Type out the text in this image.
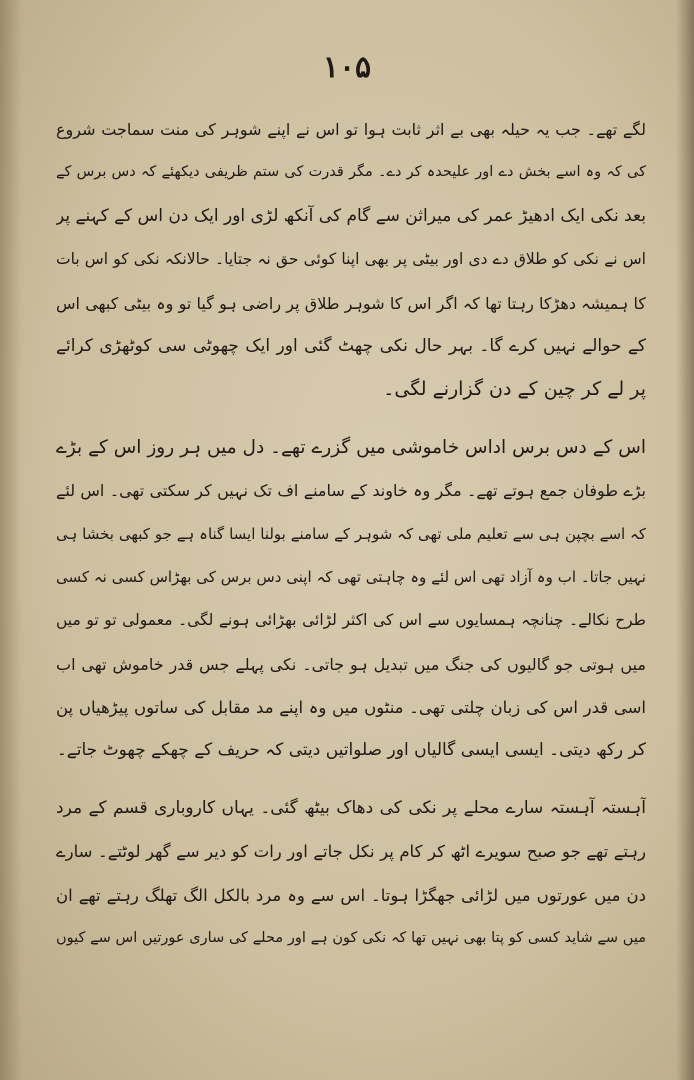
۱۰۵
لگے تھے۔ جب یہ حیلہ بھی بے اثر ثابت ہوا تو اس نے اپنے شوہر کی منت سماجت شروع
کی کہ وہ اسے بخش دے اور علیحدہ کر دے۔ مگر قدرت کی ستم ظریفی دیکھئے کہ دس برس کے
بعد نکی ایک ادھیڑ عمر کی میراثن سے گام کی آنکھ لڑی اور ایک دن اس کے کہنے پر
اس نے نکی کو طلاق دے دی اور بیٹی پر بھی اپنا کوئی حق نہ جتایا۔ حالانکہ نکی کو اس بات
کا ہمیشہ دھڑکا رہتا تھا کہ اگر اس کا شوہر طلاق پر راضی ہو گیا تو وہ بیٹی کبھی اس
کے حوالے نہیں کرے گا۔ بہر حال نکی چھٹ گئی اور ایک چھوٹی سی کوٹھڑی کرائے
پر لے کر چین کے دن گزارنے لگی۔
اس کے دس برس اداس خاموشی میں گزرے تھے۔ دل میں ہر روز اس کے بڑے
بڑے طوفان جمع ہوتے تھے۔ مگر وہ خاوند کے سامنے اف تک نہیں کر سکتی تھی۔ اس لئے
کہ اسے بچپن ہی سے تعلیم ملی تھی کہ شوہر کے سامنے بولنا ایسا گناہ ہے جو کبھی بخشا ہی
نہیں جاتا۔ اب وہ آزاد تھی اس لئے وہ چاہتی تھی کہ اپنی دس برس کی بھڑاس کسی نہ کسی
طرح نکالے۔ چنانچہ ہمسایوں سے اس کی اکثر لڑائی بھڑائی ہونے لگی۔ معمولی تو تو میں
میں ہوتی جو گالیوں کی جنگ میں تبدیل ہو جاتی۔ نکی پہلے جس قدر خاموش تھی اب
اسی قدر اس کی زبان چلتی تھی۔ منٹوں میں وہ اپنے مد مقابل کی ساتوں پیڑھیاں پن
کر رکھ دیتی۔ ایسی ایسی گالیاں اور صلواتیں دیتی کہ حریف کے چھکے چھوٹ جاتے۔
آہستہ آہستہ سارے محلے پر نکی کی دھاک بیٹھ گئی۔ یہاں کاروباری قسم کے مرد
رہتے تھے جو صبح سویرے اٹھ کر کام پر نکل جاتے اور رات کو دیر سے گھر لوٹتے۔ سارے
دن میں عورتوں میں لڑائی جھگڑا ہوتا۔ اس سے وہ مرد بالکل الگ تھلگ رہتے تھے ان
میں سے شاید کسی کو پتا بھی نہیں تھا کہ نکی کون ہے اور محلے کی ساری عورتیں اس سے کیوں
